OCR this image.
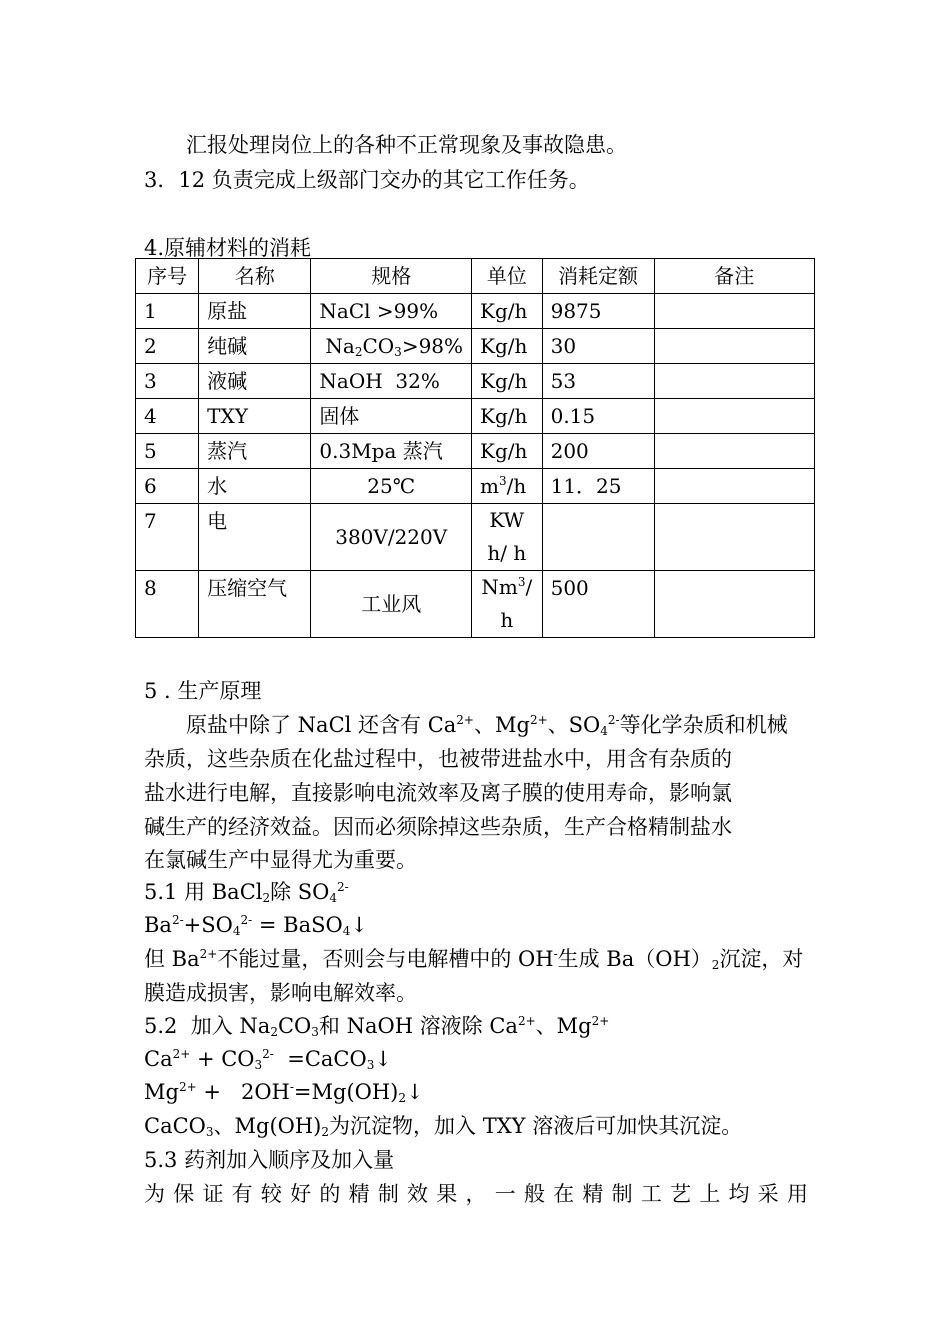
汇报处理岗位上的各种不正常现象及事故隐患。
3．12 负责完成上级部门交办的其它工作任务。
4.原辅材料的消耗
序号	名称	规格	单位	消耗定额	备注
1	原盐	NaCl >99%	Kg/h	9875	
2	纯碱	$Na_2CO_3>98\%$	Kg/h	30	
3	液碱	NaOH  32%	Kg/h	53	
4	TXY	固体	Kg/h	0.15	
5	蒸汽	0.3Mpa 蒸汽	Kg/h	200	
6	水	25℃	$m^3/h$	11．25	
7	电	380V/220V	KWh/ h		
8	压缩空气	工业风	Nm$^3$/ h	500	
5 . 生产原理
原盐中除了 NaCl 还含有 $Ca^{2+}$、$Mg^{2+}$、$SO_4^{2-}$等化学杂质和机械
杂质，这些杂质在化盐过程中，也被带进盐水中，用含有杂质的
盐水进行电解，直接影响电流效率及离子膜的使用寿命，影响氯
碱生产的经济效益。因而必须除掉这些杂质，生产合格精制盐水
在氯碱生产中显得尤为重要。
5.1 用 BaCl$_2$除 $SO_4^{2-}$
$Ba^{2-}+SO_4^{2-}$ = BaSO$_4$↓
但 $Ba^{2+}$不能过量，否则会与电解槽中的 OH-生成 $Ba(OH)_2$沉淀，对
膜造成损害，影响电解效率。
5.2  加入 $Na_2CO_3$和 NaOH 溶液除 $Ca^{2+}$、$Mg^{2+}$
$Ca^{2+} + CO_3^{2-}$  =CaCO$_3$↓
$Mg^{2+}$ +   $2OH^-=Mg(OH)_2↓$
CaCO$_3$、$Mg(OH)_2$为沉淀物，加入 TXY 溶液后可加快其沉淀。
5.3 药剂加入顺序及加入量
为保证有较好的精制效果，一般在精制工艺上均采用
